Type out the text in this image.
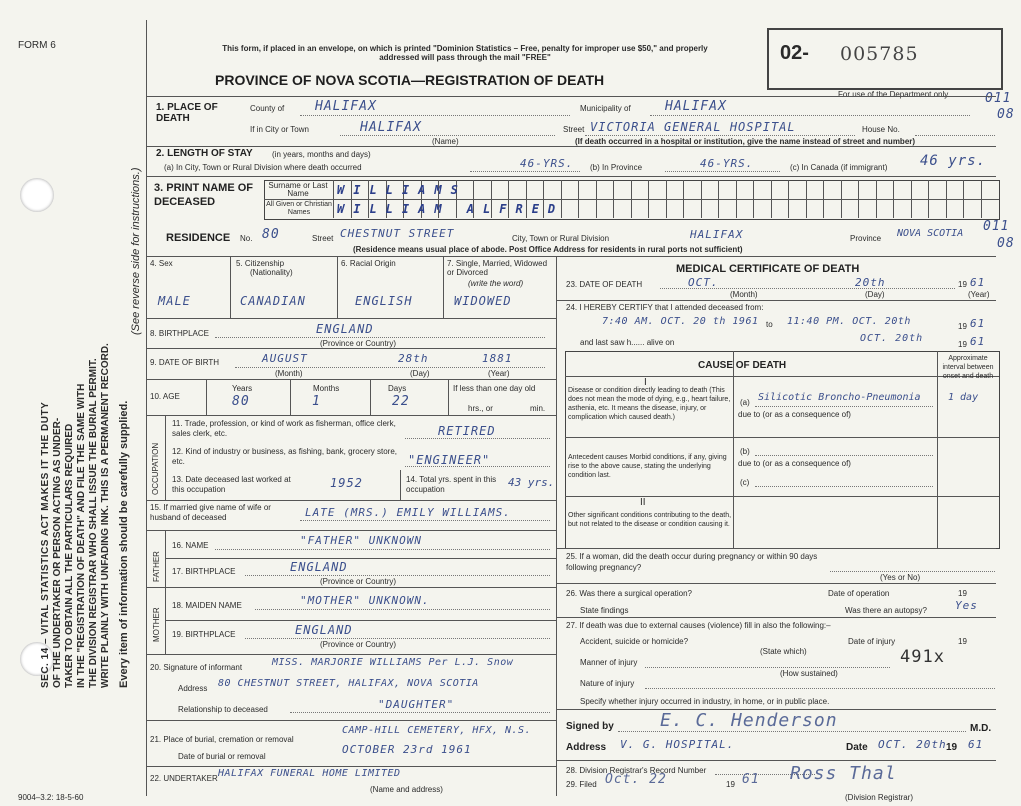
FORM 6
SEC. 14 – VITAL STATISTICS ACT MAKES IT THE DUTY OF THE UNDERTAKER OR PERSON ACTING AS UNDER- TAKER TO OBTAIN ALL THE PARTICULARS REQUIRED IN THE "REGISTRATION OF DEATH" AND FILE THE SAME WITH THE DIVISION REGISTRAR WHO SHALL ISSUE THE BURIAL PERMIT. WRITE PLAINLY WITH UNFADING INK. THIS IS A PERMANENT RECORD. Every item of information should be carefully supplied.
(See reverse side for instructions.)
This form, if placed in an envelope, on which is printed "Dominion Statistics – Free, penalty for improper use $50," and properly addressed will pass through the mail "FREE"
PROVINCE OF NOVA SCOTIA—REGISTRATION OF DEATH
02- 005785
For use of the Department only	011
08
1. PLACE OF DEATH
County of HALIFAX	Municipality of	HALIFAX
If in City or Town	HALIFAX
(Name)
Street VICTORIA GENERAL HOSPITAL	House No.
(If death occurred in a hospital or institution, give the name instead of street and number)
2. LENGTH OF STAY (in years, months and days)
(a) In City, Town or Rural Division where death occurred	46-YRS. (b) In Province	46-YRS.	(c) In Canada (if immigrant) 46 yrs.
3. PRINT NAME OF DECEASED
Surname or Last Name
All Given or Christian Names
WILLIAMS
WILLIAM ALFRED
RESIDENCE No. 80	Street CHESTNUT STREET	City, Town or Rural Division	HALIFAX	Province NOVA SCOTIA 011
08
(Residence means usual place of abode. Post Office Address for residents in rural ports not sufficient)
4. Sex	5. Citizenship
(Nationality)
6. Racial Origin	7. Single, Married, Widowed or Divorced
(write the word)
MALE	CANADIAN	ENGLISH	WIDOWED
8. BIRTHPLACE	ENGLAND
(Province or Country)
9. DATE OF BIRTH	AUGUST	28th	1881
(Month)	(Day)	(Year)
10. AGE
Years	Months	Days
80	1	22
If less than one day old
hrs., or	min.
OCCUPATION
11. Trade, profession, or kind of work as fisherman, office clerk, sales clerk, etc.	RETIRED
12. Kind of industry or business, as fishing, bank, grocery store, etc.	"ENGINEER"
13. Date deceased last worked at this occupation	1952	14. Total yrs. spent in this occupation
43 yrs.
15. If married give name of wife or husband of deceased	LATE (MRS.) EMILY WILLIAMS.
FATHER
16. NAME	"FATHER" UNKNOWN
17. BIRTHPLACE	ENGLAND
(Province or Country)
MOTHER
18. MAIDEN NAME	"MOTHER" UNKNOWN.
19. BIRTHPLACE	ENGLAND
(Province or Country)
20. Signature of informant	MISS. MARJORIE WILLIAMS Per L.J. Snow
Address 80 CHESTNUT STREET, HALIFAX, NOVA SCOTIA
Relationship to deceased	"DAUGHTER"
21. Place of burial, cremation or removal
CAMP-HILL CEMETERY, HFX, N.S.
Date of burial or removal
OCTOBER 23rd 1961
22. UNDERTAKER HALIFAX FUNERAL HOME LIMITED
(Name and address)
MEDICAL CERTIFICATE OF DEATH
23. DATE OF DEATH	OCT.	20th	19 61
(Month)	(Day)	(Year)
24. I HEREBY CERTIFY that I attended deceased from:
7:40 AM. OCT. 20 th 1961 to 11:40 PM. OCT. 20th	19 61
and last saw h...... alive on	OCT. 20th
19 61
CAUSE OF DEATH
Approximate interval between onset and death
I
Disease or condition directly leading to death (This does not mean the mode of dying, e.g., heart failure, asthenia, etc. It means the disease, injury, or complication which caused death.)
(a) Silicotic Broncho-Pneumonia	1 day
due to (or as a consequence of)
Antecedent causes Morbid conditions, if any, giving rise to the above cause, stating the underlying condition last.
(b)
due to (or as a consequence of)
(c)
II
Other significant conditions contributing to the death, but not related to the disease or condition causing it.
25. If a woman, did the death occur during pregnancy or within 90 days following pregnancy?
(Yes or No)
26. Was there a surgical operation?	Date of operation	19
State findings	Was there an autopsy?	Yes
27. If death was due to external causes (violence) fill in also the following:–
Accident, suicide or homicide?	Date of injury	19
(State which)
Manner of injury	491x
(How sustained)
Nature of injury
Specify whether injury occurred in industry, in home, or in public place.
Signed by	E. C. Henderson	M.D.
Address V. G. HOSPITAL.	Date OCT. 20th 19 61
28. Division Registrar's Record Number
29. Filed Oct. 22	19 61 Ross Thal
(Division Registrar)
9004–3.2: 18-5-60
